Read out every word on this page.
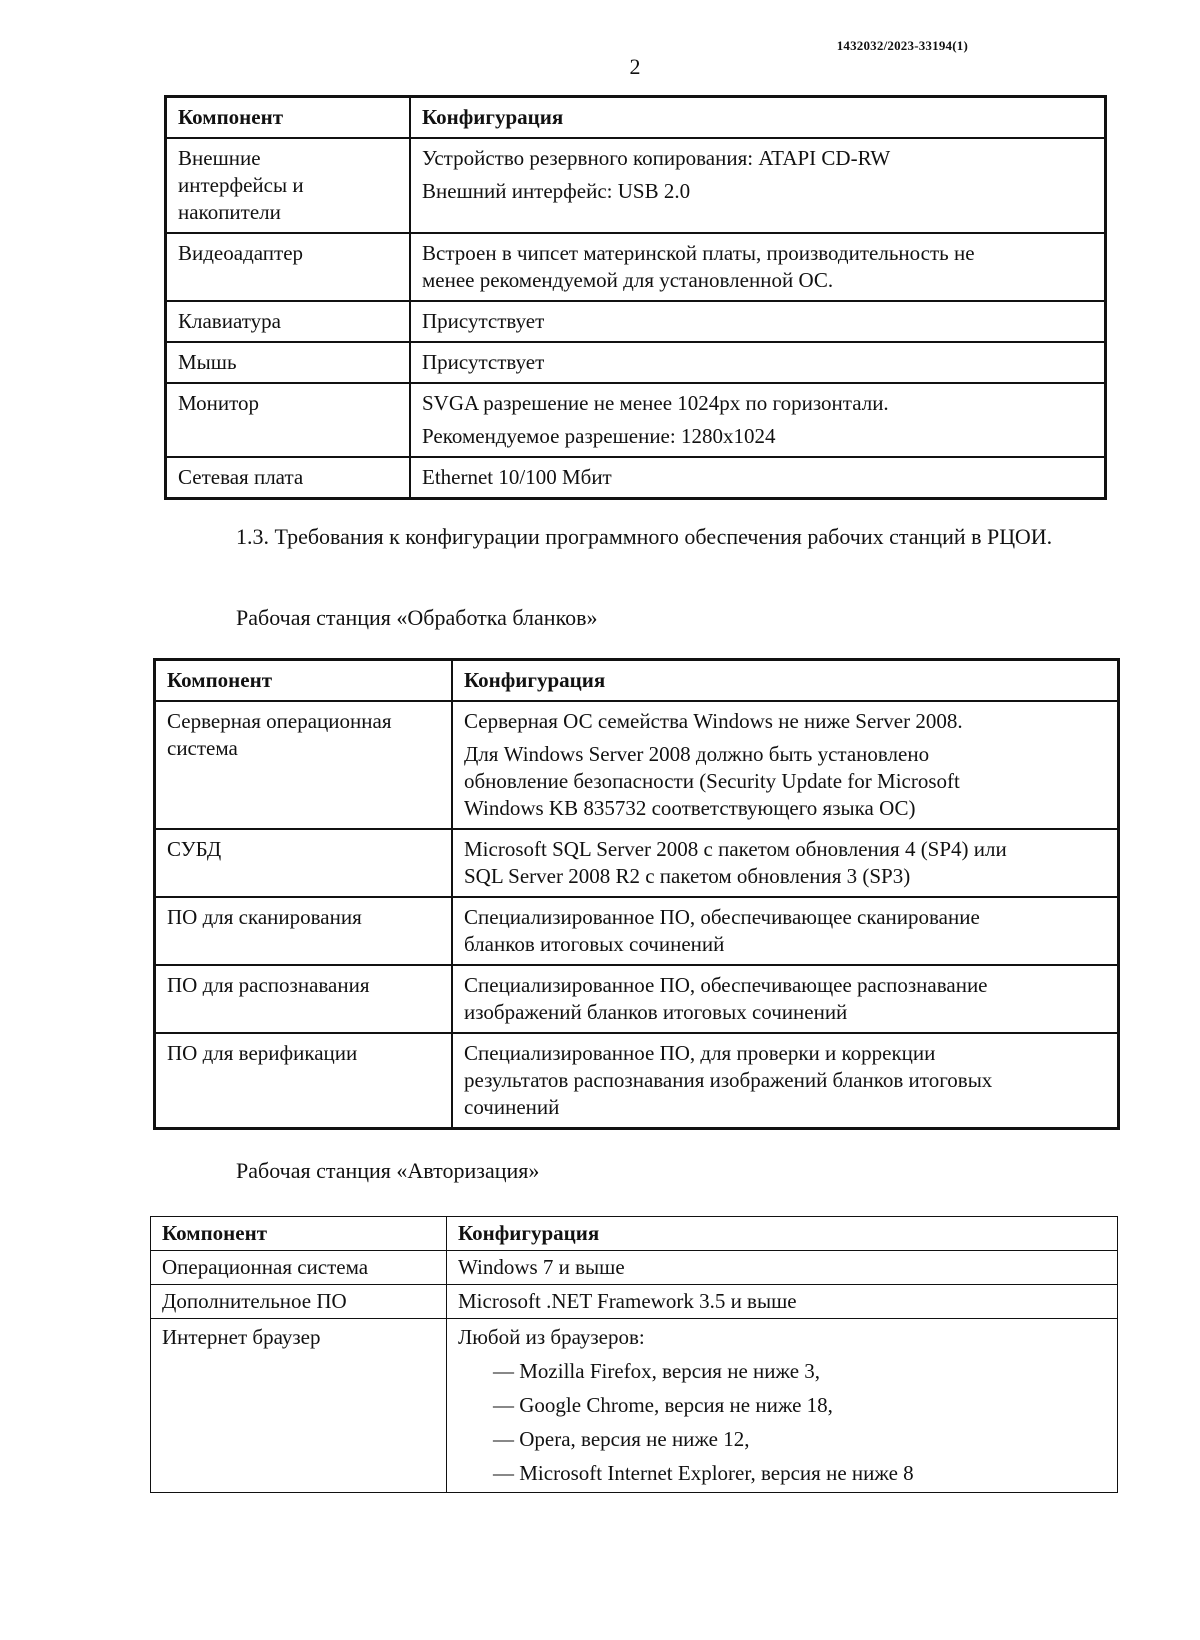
1432032/2023-33194(1)
2
Компонент	Конфигурация

Внешние
интерфейсы и
накопители	Устройство резервного копирования: ATAPI CD-RW
Внешний интерфейс: USB 2.0

Видеоадаптер	Встроен в чипсет материнской платы, производительность не
менее рекомендуемой для установленной ОС.

Клавиатура	Присутствует
Мышь	Присутствует
Монитор	SVGA разрешение не менее 1024px по горизонтали.
Рекомендуемое разрешение: 1280x1024

Сетевая плата	Ethernet 10/100 Мбит
1.3. Требования к конфигурации программного обеспечения рабочих станций в РЦОИ.
Рабочая станция «Обработка бланков»
Компонент	Конфигурация

Серверная операционная
система	Серверная ОС семейства Windows не ниже Server 2008.
Для Windows Server 2008 должно быть установлено
обновление безопасности (Security Update for Microsoft
Windows KB 835732 соответствующего языка ОС)

СУБД	Microsoft SQL Server 2008 с пакетом обновления 4 (SP4) или
SQL Server 2008 R2 с пакетом обновления 3 (SP3)

ПО для сканирования	Специализированное ПО, обеспечивающее сканирование
бланков итоговых сочинений

ПО для распознавания	Специализированное ПО, обеспечивающее распознавание
изображений бланков итоговых сочинений

ПО для верификации	Специализированное ПО, для проверки и коррекции
результатов распознавания изображений бланков итоговых
сочинений
Рабочая станция «Авторизация»
Компонент	Конфигурация
Операционная система	Windows 7 и выше
Дополнительное ПО	Microsoft .NET Framework 3.5 и выше
Интернет браузер	Любой из браузеров:
— Mozilla Firefox, версия не ниже 3,
— Google Chrome, версия не ниже 18,
— Opera, версия не ниже 12,
— Microsoft Internet Explorer, версия не ниже 8
